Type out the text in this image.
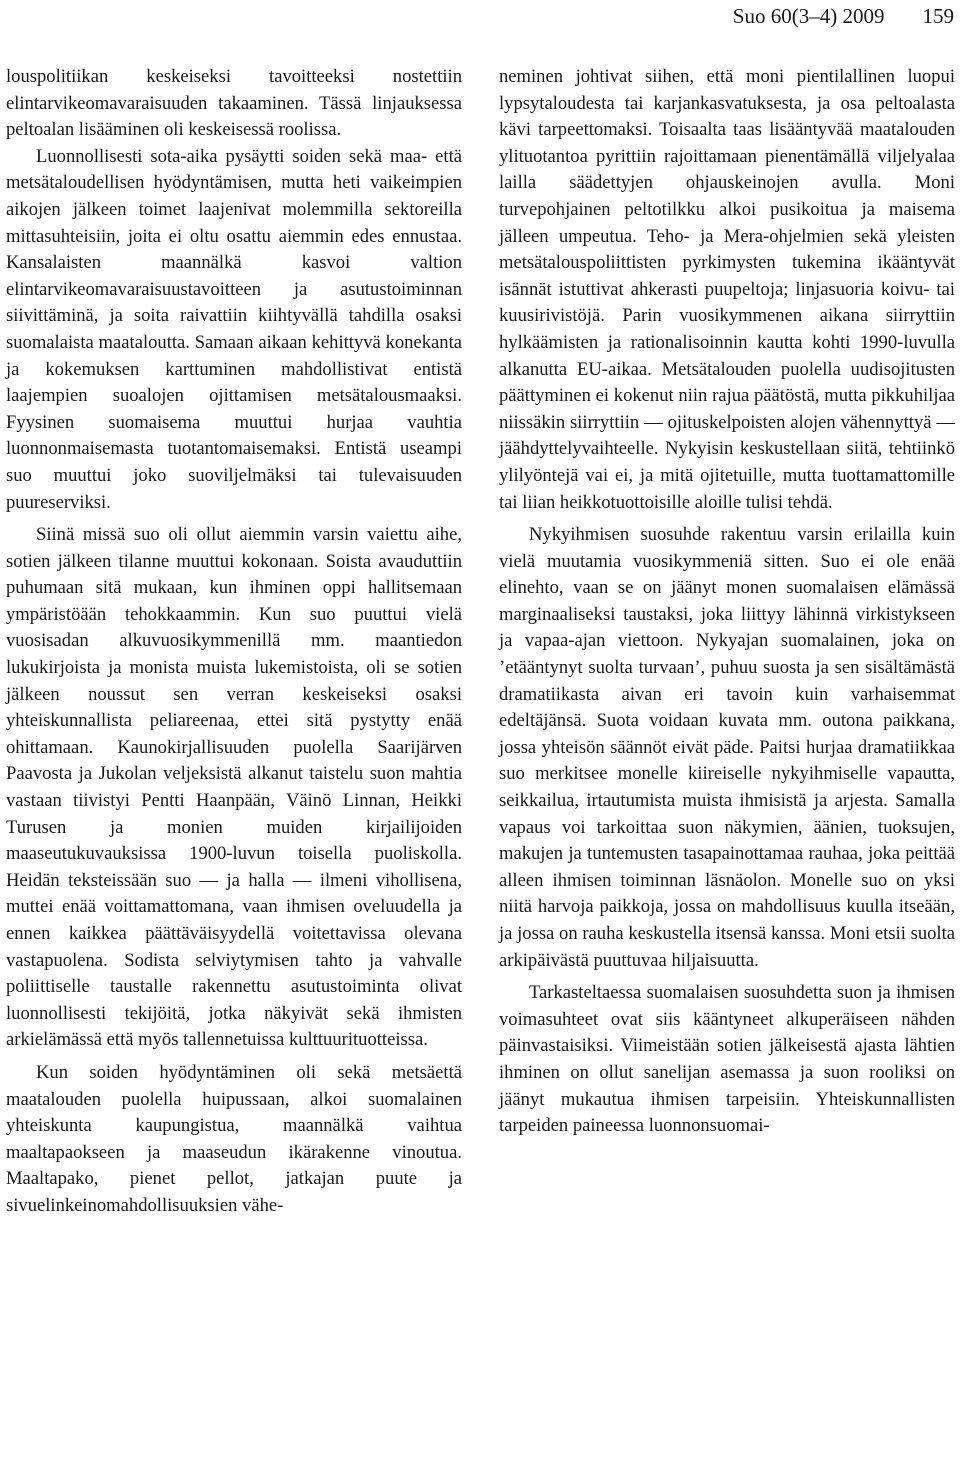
Suo 60(3–4) 2009 159

louspolitiikan keskeiseksi tavoitteeksi nostettiin elintarvikeomavaraisuuden takaaminen. Tässä linjauksessa peltoalan lisääminen oli keskeisessä roolissa.

Luonnollisesti sota-aika pysäytti soiden sekä maa- että metsätaloudellisen hyödyntämisen, mutta heti vaikeimpien aikojen jälkeen toimet laajenivat molemmilla sektoreilla mittasuhteisiin, joita ei oltu osattu aiemmin edes ennustaa. Kansalaisten maannälkä kasvoi valtion elintarvikeomavaraisuustavoitteen ja asutustoiminnan siivittäminä, ja soita raivattiin kiihtyvällä tahdilla osaksi suomalaista maataloutta. Samaan aikaan kehittyvä konekanta ja kokemuksen karttuminen mahdollistivat entistä laajempien suoalojen ojittamisen metsätalousmaaksi. Fyysinen suomaisema muuttui hurjaa vauhtia luonnonmaisemasta tuotantomaisemaksi. Entistä useampi suo muuttui joko suoviljelmäksi tai tulevaisuuden puureserviksi.

Siinä missä suo oli ollut aiemmin varsin vaiettu aihe, sotien jälkeen tilanne muuttui kokonaan. Soista avauduttiin puhumaan sitä mukaan, kun ihminen oppi hallitsemaan ympäristöään tehokkaammin. Kun suo puuttui vielä vuosisadan alkuvuosikymmenillä mm. maantiedon lukukirjoista ja monista muista lukemistoista, oli se sotien jälkeen noussut sen verran keskeiseksi osaksi yhteiskunnallista peliareenaa, ettei sitä pystytty enää ohittamaan. Kaunokirjallisuuden puolella Saarijärven Paavosta ja Jukolan veljeksistä alkanut taistelu suon mahtia vastaan tiivistyi Pentti Haanpään, Väinö Linnan, Heikki Turusen ja monien muiden kirjailijoiden maaseutukuvauksissa 1900-luvun toisella puoliskolla. Heidän teksteissään suo — ja halla — ilmeni vihollisena, muttei enää voittamattomana, vaan ihmisen oveluudella ja ennen kaikkea päättäväisyydellä voitettavissa olevana vastapuolena. Sodista selviytymisen tahto ja vahvalle poliittiselle taustalle rakennettu asutustoiminta olivat luonnollisesti tekijöitä, jotka näkyivät sekä ihmisten arkielämässä että myös tallennetuissa kulttuurituotteissa.

Kun soiden hyödyntäminen oli sekä metsäettä maatalouden puolella huipussaan, alkoi suomalainen yhteiskunta kaupungistua, maannälkä vaihtua maaltapaokseen ja maaseudun ikärakenne vinoutua. Maaltapako, pienet pellot, jatkajan puute ja sivuelinkeinomahdollisuuksien vähe-

neminen johtivat siihen, että moni pientilallinen luopui lypsytaloudesta tai karjankasvatuksesta, ja osa peltoalasta kävi tarpeettomaksi. Toisaalta taas lisääntyvää maatalouden ylituotantoa pyrittiin rajoittamaan pienentämällä viljelyalaa lailla säädettyjen ohjauskeinojen avulla. Moni turvepohjainen peltotilkku alkoi pusikoitua ja maisema jälleen umpeutua. Teho- ja Mera-ohjelmien sekä yleisten metsätalouspoliittisten pyrkimysten tukemina ikääntyvät isännät istuttivat ahkerasti puupeltoja; linjasuoria koivu- tai kuusirivistöjä. Parin vuosikymmenen aikana siirryttiin hylkäämisten ja rationalisoinnin kautta kohti 1990-luvulla alkanutta EU-aikaa. Metsätalouden puolella uudisojitusten päättyminen ei kokenut niin rajua päätöstä, mutta pikkuhiljaa niissäkin siirryttiin — ojituskelpoisten alojen vähennyttyä — jäähdyttelyvaihteelle. Nykyisin keskustellaan siitä, tehtiinkö ylilyöntejä vai ei, ja mitä ojitetuille, mutta tuottamattomille tai liian heikkotuottoisille aloille tulisi tehdä.

Nykyihmisen suosuhde rakentuu varsin erilailla kuin vielä muutamia vuosikymmeniä sitten. Suo ei ole enää elinehto, vaan se on jäänyt monen suomalaisen elämässä marginaaliseksi taustaksi, joka liittyy lähinnä virkistykseen ja vapaa-ajan viettoon. Nykyajan suomalainen, joka on ’etääntynyt suolta turvaan’, puhuu suosta ja sen sisältämästä dramatiikasta aivan eri tavoin kuin varhaisemmat edeltäjänsä. Suota voidaan kuvata mm. outona paikkana, jossa yhteisön säännöt eivät päde. Paitsi hurjaa dramatiikkaa suo merkitsee monelle kiireiselle nykyihmiselle vapautta, seikkailua, irtautumista muista ihmisistä ja arjesta. Samalla vapaus voi tarkoittaa suon näkymien, äänien, tuoksujen, makujen ja tuntemusten tasapainottamaa rauhaa, joka peittää alleen ihmisen toiminnan läsnäolon. Monelle suo on yksi niitä harvoja paikkoja, jossa on mahdollisuus kuulla itseään, ja jossa on rauha keskustella itsensä kanssa. Moni etsii suolta arkipäivästä puuttuvaa hiljaisuutta.

Tarkasteltaessa suomalaisen suosuhdetta suon ja ihmisen voimasuhteet ovat siis kääntyneet alkuperäiseen nähden päinvastaisiksi. Viimeistään sotien jälkeisestä ajasta lähtien ihminen on ollut sanelijan asemassa ja suon rooliksi on jäänyt mukautua ihmisen tarpeisiin. Yhteiskunnallisten tarpeiden paineessa luonnonsuomai-
